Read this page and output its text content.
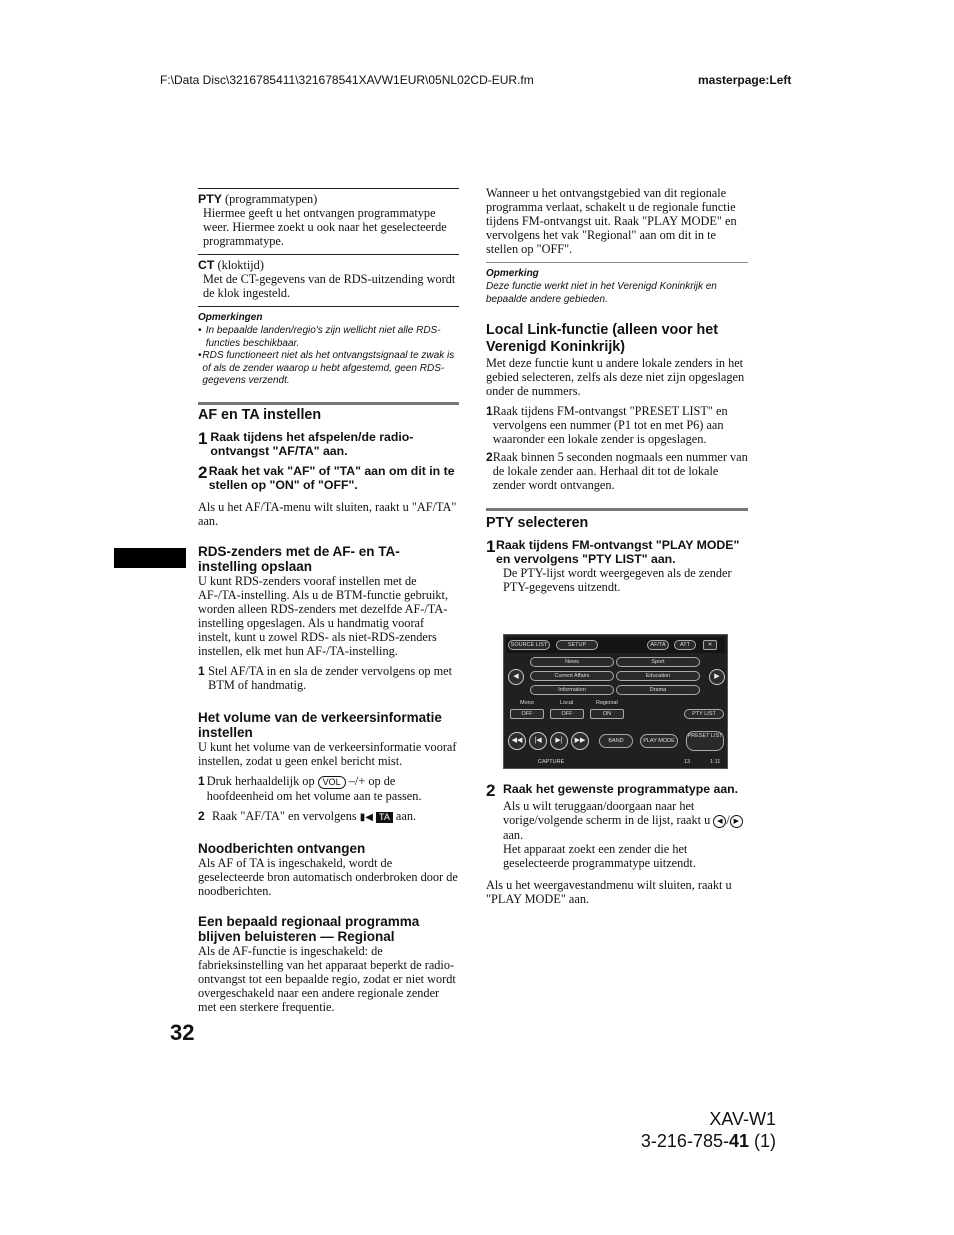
F:\Data Disc\3216785411\321678541XAVW1EUR\05NL02CD-EUR.fm	masterpage:Left
PTY (programmatypen)
Hiermee geeft u het ontvangen programmatype weer. Hiermee zoekt u ook naar het geselecteerde programmatype.
CT (kloktijd)
Met de CT-gegevens van de RDS-uitzending wordt de klok ingesteld.
Opmerkingen
• In bepaalde landen/regio's zijn wellicht niet alle RDS-functies beschikbaar.
• RDS functioneert niet als het ontvangstsignaal te zwak is of als de zender waarop u hebt afgestemd, geen RDS-gegevens verzendt.
AF en TA instellen
1 Raak tijdens het afspelen/de radio-ontvangst "AF/TA" aan.
2 Raak het vak "AF" of "TA" aan om dit in te stellen op "ON" of "OFF".
Als u het AF/TA-menu wilt sluiten, raakt u "AF/TA" aan.
RDS-zenders met de AF- en TA-instelling opslaan
U kunt RDS-zenders vooraf instellen met de AF-/TA-instelling. Als u de BTM-functie gebruikt, worden alleen RDS-zenders met dezelfde AF-/TA-instelling opgeslagen. Als u handmatig vooraf instelt, kunt u zowel RDS- als niet-RDS-zenders instellen, elk met hun AF-/TA-instelling.
1 Stel AF/TA in en sla de zender vervolgens op met BTM of handmatig.
Het volume van de verkeersinformatie instellen
U kunt het volume van de verkeersinformatie vooraf instellen, zodat u geen enkel bericht mist.
1 Druk herhaaldelijk op VOL –/+ op de hoofdeenheid om het volume aan te passen.
2 Raak "AF/TA" en vervolgens ▮◀ TA aan.
Noodberichten ontvangen
Als AF of TA is ingeschakeld, wordt de geselecteerde bron automatisch onderbroken door de noodberichten.
Een bepaald regionaal programma blijven beluisteren — Regional
Als de AF-functie is ingeschakeld: de fabrieksinstelling van het apparaat beperkt de radio-ontvangst tot een bepaalde regio, zodat er niet wordt overgeschakeld naar een andere regionale zender met een sterkere frequentie.
32
Wanneer u het ontvangstgebied van dit regionale programma verlaat, schakelt u de regionale functie tijdens FM-ontvangst uit. Raak "PLAY MODE" en vervolgens het vak "Regional" aan om dit in te stellen op "OFF".
Opmerking
Deze functie werkt niet in het Verenigd Koninkrijk en bepaalde andere gebieden.
Local Link-functie (alleen voor het Verenigd Koninkrijk)
Met deze functie kunt u andere lokale zenders in het gebied selecteren, zelfs als deze niet zijn opgeslagen onder de nummers.
1 Raak tijdens FM-ontvangst "PRESET LIST" en vervolgens een nummer (P1 tot en met P6) aan waaronder een lokale zender is opgeslagen.
2 Raak binnen 5 seconden nogmaals een nummer van de lokale zender aan. Herhaal dit tot de lokale zender wordt ontvangen.
PTY selecteren
1 Raak tijdens FM-ontvangst "PLAY MODE" en vervolgens "PTY LIST" aan.
De PTY-lijst wordt weergegeven als de zender PTY-gegevens uitzendt.
SOURCE LIST	SETUP	AF/TA	ATT	✕
◀	▶
News
Current Affairs
Information
Sport
Education
Drama
Mono	Local	Regional
OFF	OFF	ON	PTY LIST
◀◀	|◀	▶|	▶▶	BAND	PLAY MODE
PRESET LIST
CAPTURE	13	1:11
2 Raak het gewenste programmatype aan.
Als u wilt teruggaan/doorgaan naar het vorige/volgende scherm in de lijst, raakt u ◀ / ▶ aan.
Het apparaat zoekt een zender die het geselecteerde programmatype uitzendt.
Als u het weergavestandmenu wilt sluiten, raakt u "PLAY MODE" aan.
XAV-W1
3-216-785-41 (1)
